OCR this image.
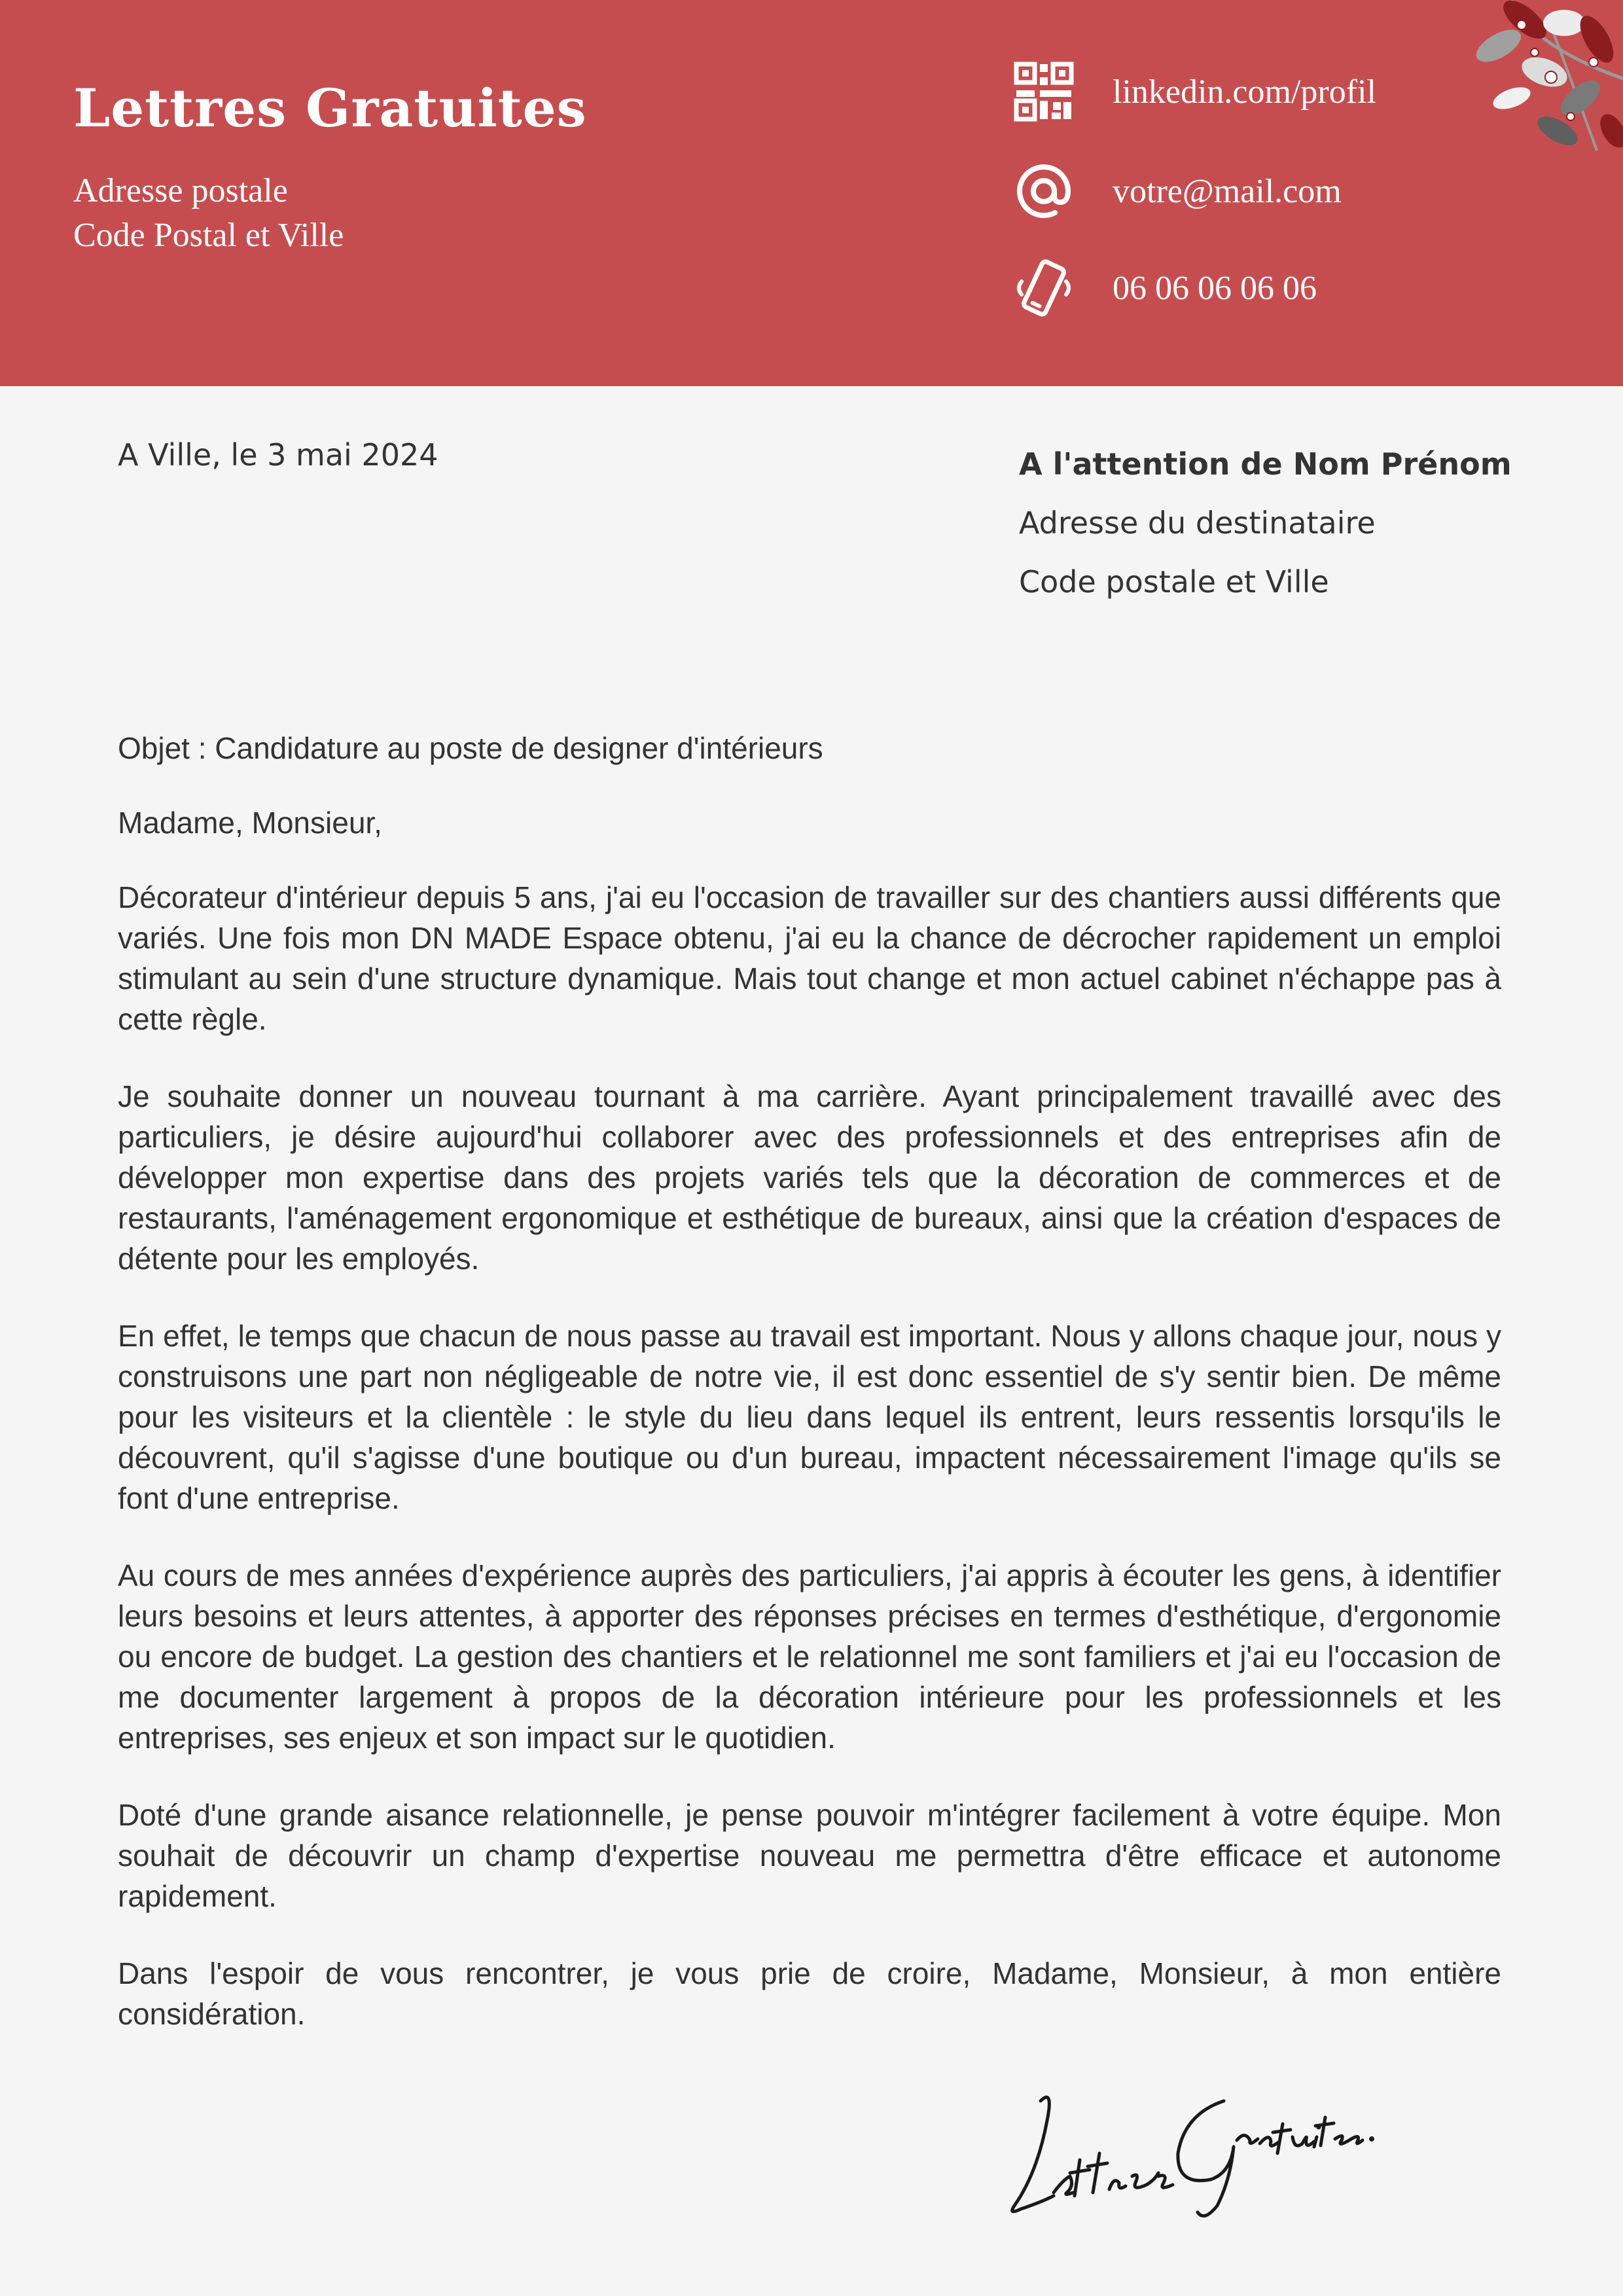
Lettres Gratuites
Adresse postale
Code Postal et Ville
linkedin.com/profil
votre@mail.com
06 06 06 06 06
A Ville, le 3 mai 2024	A l'attention de Nom Prénom
Adresse du destinataire
Code postale et Ville

Objet : Candidature au poste de designer d'intérieurs

Madame, Monsieur,

Décorateur d'intérieur depuis 5 ans, j'ai eu l'occasion de travailler sur des chantiers aussi différents que variés. Une fois mon DN MADE Espace obtenu, j'ai eu la chance de décrocher rapidement un emploi stimulant au sein d'une structure dynamique. Mais tout change et mon actuel cabinet n'échappe pas à cette règle.

Je souhaite donner un nouveau tournant à ma carrière. Ayant principalement travaillé avec des particuliers, je désire aujourd'hui collaborer avec des professionnels et des entreprises afin de développer mon expertise dans des projets variés tels que la décoration de commerces et de restaurants, l'aménagement ergonomique et esthétique de bureaux, ainsi que la création d'espaces de détente pour les employés.

En effet, le temps que chacun de nous passe au travail est important. Nous y allons chaque jour, nous y construisons une part non négligeable de notre vie, il est donc essentiel de s'y sentir bien. De même pour les visiteurs et la clientèle : le style du lieu dans lequel ils entrent, leurs ressentis lorsqu'ils le découvrent, qu'il s'agisse d'une boutique ou d'un bureau, impactent nécessairement l'image qu'ils se font d'une entreprise.

Au cours de mes années d'expérience auprès des particuliers, j'ai appris à écouter les gens, à identifier leurs besoins et leurs attentes, à apporter des réponses précises en termes d'esthétique, d'ergonomie ou encore de budget. La gestion des chantiers et le relationnel me sont familiers et j'ai eu l'occasion de me documenter largement à propos de la décoration intérieure pour les professionnels et les entreprises, ses enjeux et son impact sur le quotidien.

Doté d'une grande aisance relationnelle, je pense pouvoir m'intégrer facilement à votre équipe. Mon souhait de découvrir un champ d'expertise nouveau me permettra d'être efficace et autonome rapidement.

Dans l'espoir de vous rencontrer, je vous prie de croire, Madame, Monsieur, à mon entière considération.
